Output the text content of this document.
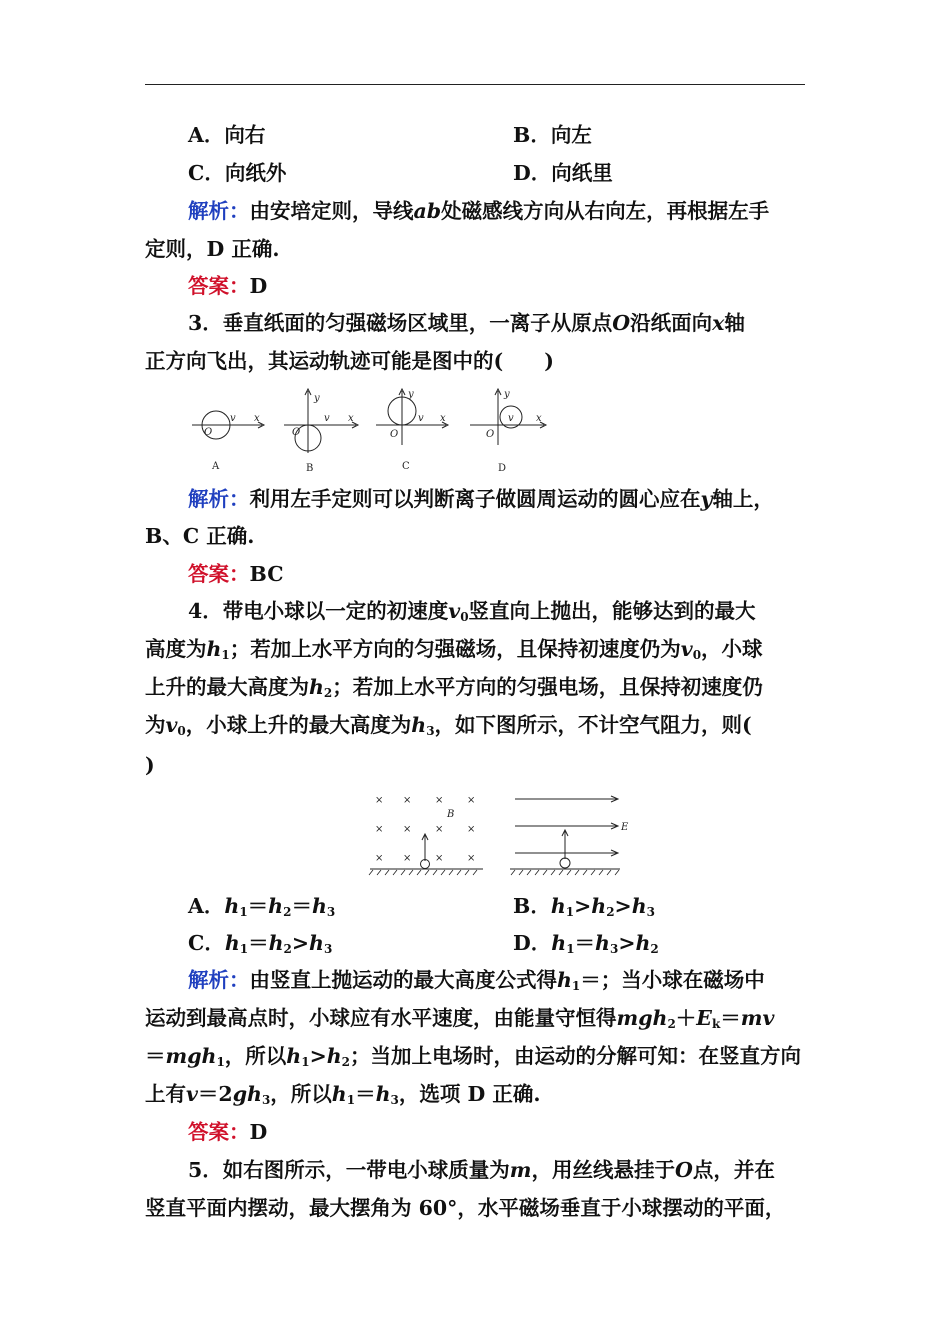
A．向右	B．向左
C．向纸外	D．向纸里
解析：由安培定则，导线ab处磁感线方向从右向左，再根据左手
定则，D 正确.
答案：D
3．垂直纸面的匀强磁场区域里，一离子从原点O沿纸面向x轴
正方向飞出，其运动轨迹可能是图中的(　　)
O
v x
y
v x
O
y
v x
O
y
v x
O
A	B	C	D
解析：利用左手定则可以判断离子做圆周运动的圆心应在y轴上，
B、C 正确.
答案：BC
4．带电小球以一定的初速度$v_0$竖直向上抛出，能够达到的最大
高度为$h_1$；若加上水平方向的匀强磁场，且保持初速度仍为$v_0$，小球
上升的最大高度为$h_2$；若加上水平方向的匀强电场，且保持初速度仍
为$v_0$，小球上升的最大高度为$h_3$，如下图所示，不计空气阻力，则(
)
× × × ×
× × × ×
× × × ×
B
E
A．$h_1=h_2=h_3$	B．$h_1>h_2>h_3$
C．$h_1=h_2>h_3$	D．$h_1=h_3>h_2$
解析：由竖直上抛运动的最大高度公式得$h_1=$；当小球在磁场中
运动到最高点时，小球应有水平速度，由能量守恒得$mgh_2+E_k=mv$
＝mgh$_1$，所以$h_1>h_2$；当加上电场时，由运动的分解可知：在竖直方向
上有$v=2gh_3$，所以$h_1=h_3$，选项 D 正确.
答案：D
5．如右图所示，一带电小球质量为m，用丝线悬挂于O点，并在
竖直平面内摆动，最大摆角为 60°，水平磁场垂直于小球摆动的平面，
